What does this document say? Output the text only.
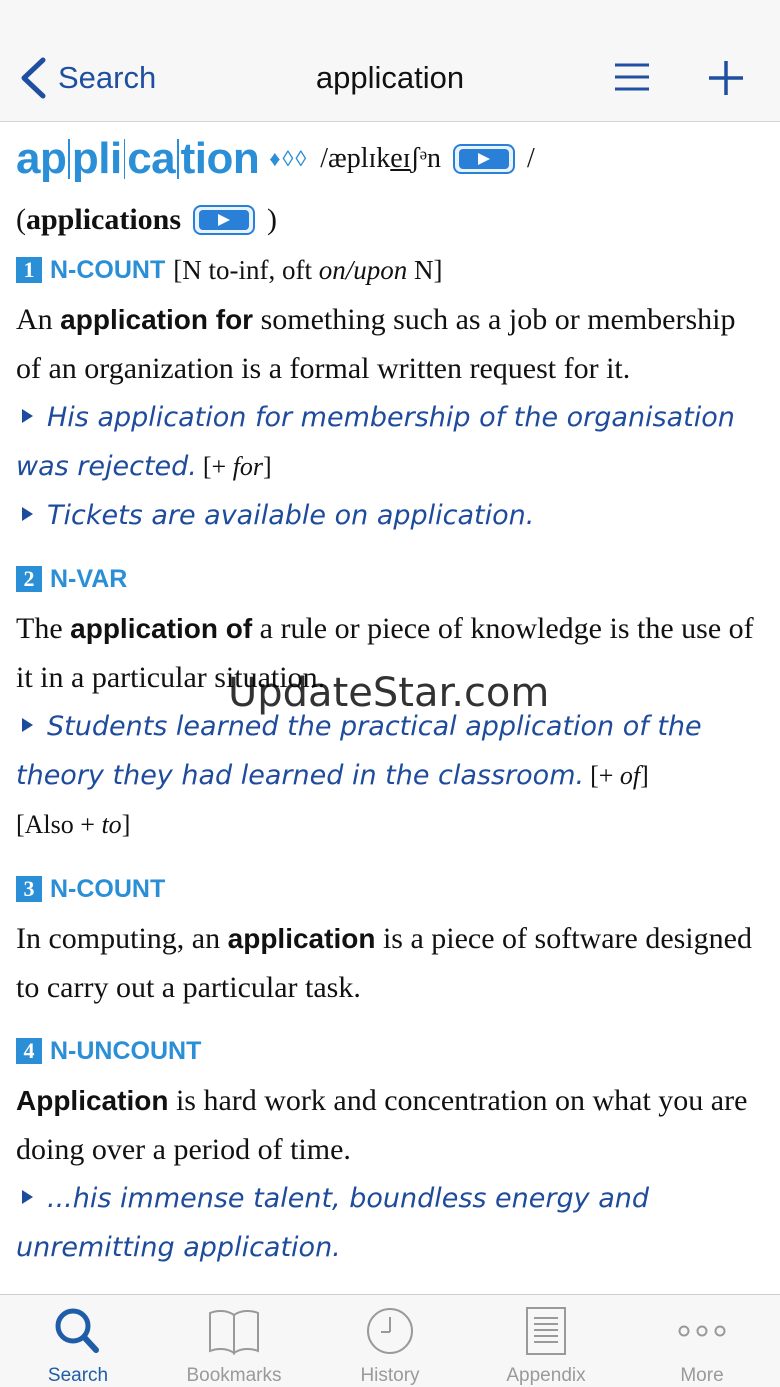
Search	application
ap pli ca tion ♦◊◊ /æplɪkeɪʃᵊn	/
( applications	)
1 N-COUNT [N to-inf, oft on/upon N]
An application for something such as a job or membership of an organization is a formal written request for it.
His application for membership of the organisation was rejected. [+ for]
Tickets are available on application.
2 N-VAR
The application of a rule or piece of knowledge is the use of it in a particular situation.
Students learned the practical application of the theory they had learned in the classroom. [+ of]
[Also + to]
3 N-COUNT
In computing, an application is a piece of software designed to carry out a particular task.
4 N-UNCOUNT
Application is hard work and concentration on what you are doing over a period of time.
...his immense talent, boundless energy and unremitting application.
UpdateStar.com
Search	Bookmarks	History	Appendix	More
